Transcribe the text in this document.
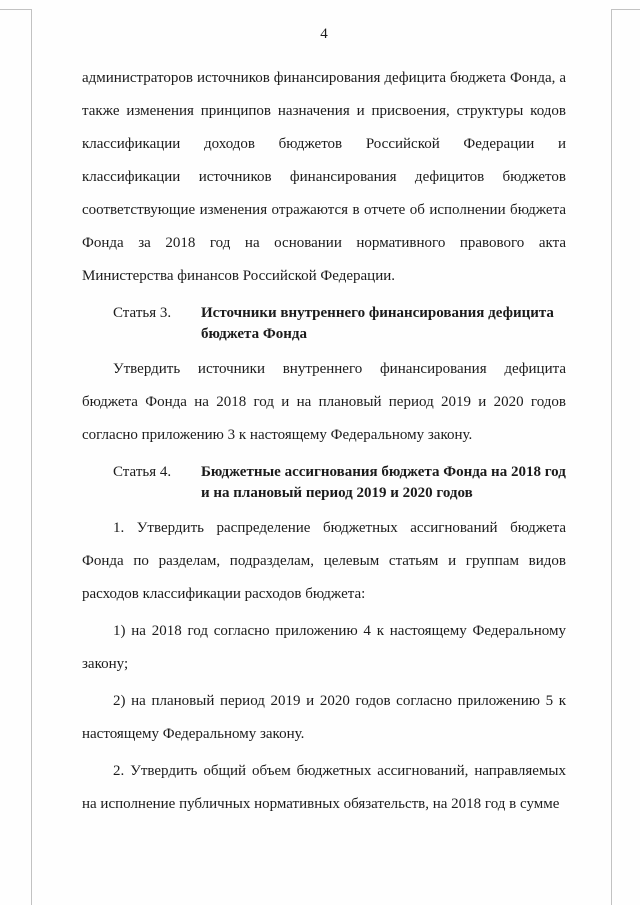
4

администраторов источников финансирования дефицита бюджета Фонда, а также изменения принципов назначения и присвоения, структуры кодов классификации доходов бюджетов Российской Федерации и классификации источников финансирования дефицитов бюджетов соответствующие изменения отражаются в отчете об исполнении бюджета Фонда за 2018 год на основании нормативного правового акта Министерства финансов Российской Федерации.

Статья 3.	Источники внутреннего финансирования дефицита бюджета Фонда

Утвердить источники внутреннего финансирования дефицита бюджета Фонда на 2018 год и на плановый период 2019 и 2020 годов согласно приложению 3 к настоящему Федеральному закону.

Статья 4.	Бюджетные ассигнования бюджета Фонда на 2018 год и на плановый период 2019 и 2020 годов

1. Утвердить распределение бюджетных ассигнований бюджета Фонда по разделам, подразделам, целевым статьям и группам видов расходов классификации расходов бюджета:

1) на 2018 год согласно приложению 4 к настоящему Федеральному закону;

2) на плановый период 2019 и 2020 годов согласно приложению 5 к настоящему Федеральному закону.

2. Утвердить общий объем бюджетных ассигнований, направляемых на исполнение публичных нормативных обязательств, на 2018 год в сумме
